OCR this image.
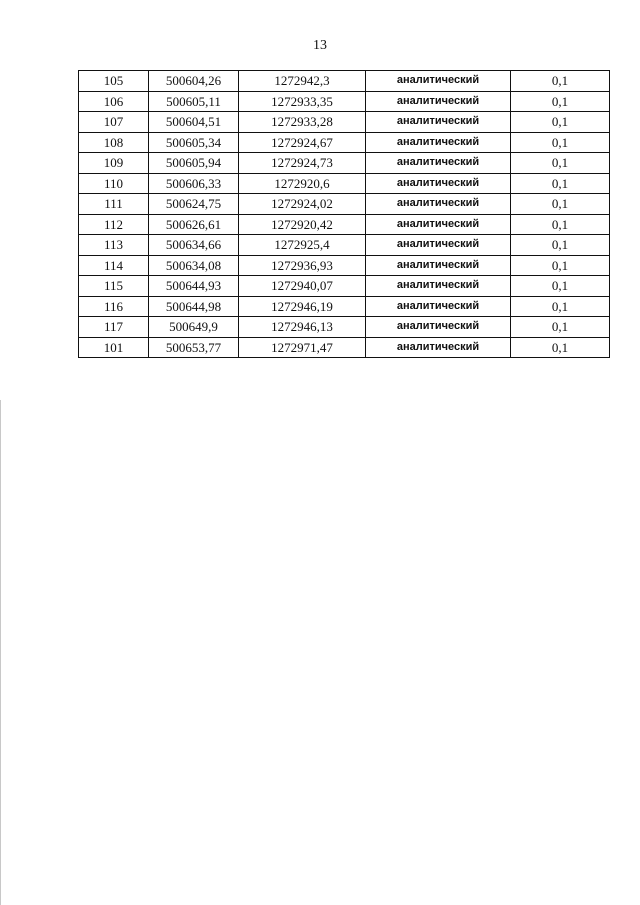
13
105	500604,26	1272942,3	аналитический	0,1
106	500605,11	1272933,35	аналитический	0,1
107	500604,51	1272933,28	аналитический	0,1
108	500605,34	1272924,67	аналитический	0,1
109	500605,94	1272924,73	аналитический	0,1
110	500606,33	1272920,6	аналитический	0,1
111	500624,75	1272924,02	аналитический	0,1
112	500626,61	1272920,42	аналитический	0,1
113	500634,66	1272925,4	аналитический	0,1
114	500634,08	1272936,93	аналитический	0,1
115	500644,93	1272940,07	аналитический	0,1
116	500644,98	1272946,19	аналитический	0,1
117	500649,9	1272946,13	аналитический	0,1
101	500653,77	1272971,47	аналитический	0,1
